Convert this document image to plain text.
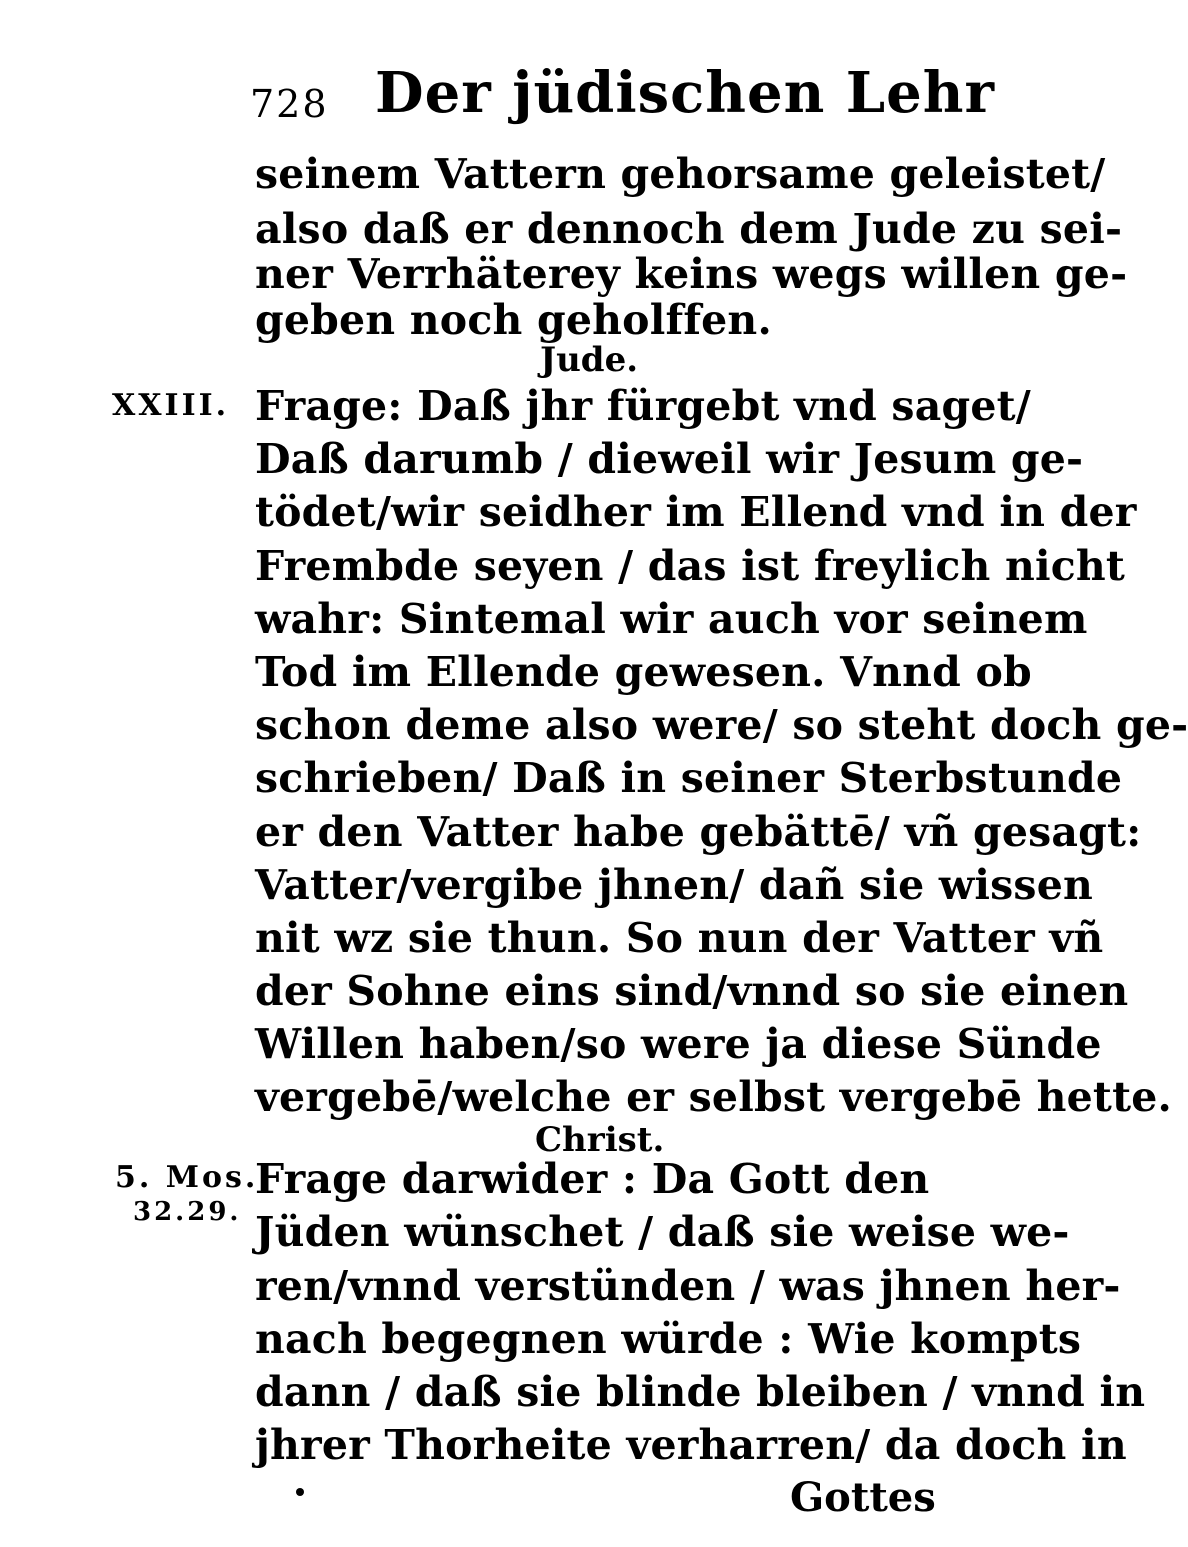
728 Der jüdischen Lehr
seinem Vattern gehorsame geleistet/
also daß er dennoch dem Jude zu sei-
ner Verrhäterey keins wegs willen ge-
geben noch geholffen.
Jude.
XXIII. Frage: Daß jhr fürgebt vnd saget/
Daß darumb / dieweil wir Jesum ge-
tödet/wir seidher im Ellend vnd in der
Frembde seyen / das ist freylich nicht
wahr: Sintemal wir auch vor seinem
Tod im Ellende gewesen. Vnnd ob
schon deme also were/ so steht doch ge-
schrieben/ Daß in seiner Sterbstunde
er den Vatter habe gebättē/ vñ gesagt:
Vatter/vergibe jhnen/ dañ sie wissen
nit wz sie thun. So nun der Vatter vñ
der Sohne eins sind/vnnd so sie einen
Willen haben/so were ja diese Sünde
vergebē/welche er selbst vergebē hette.
Christ.
5. Mos.
32.29.
Frage darwider : Da Gott den
Jüden wünschet / daß sie weise we-
ren/vnnd verstünden / was jhnen her-
nach begegnen würde : Wie kompts
dann / daß sie blinde bleiben / vnnd in
jhrer Thorheite verharren/ da doch in
Gottes
